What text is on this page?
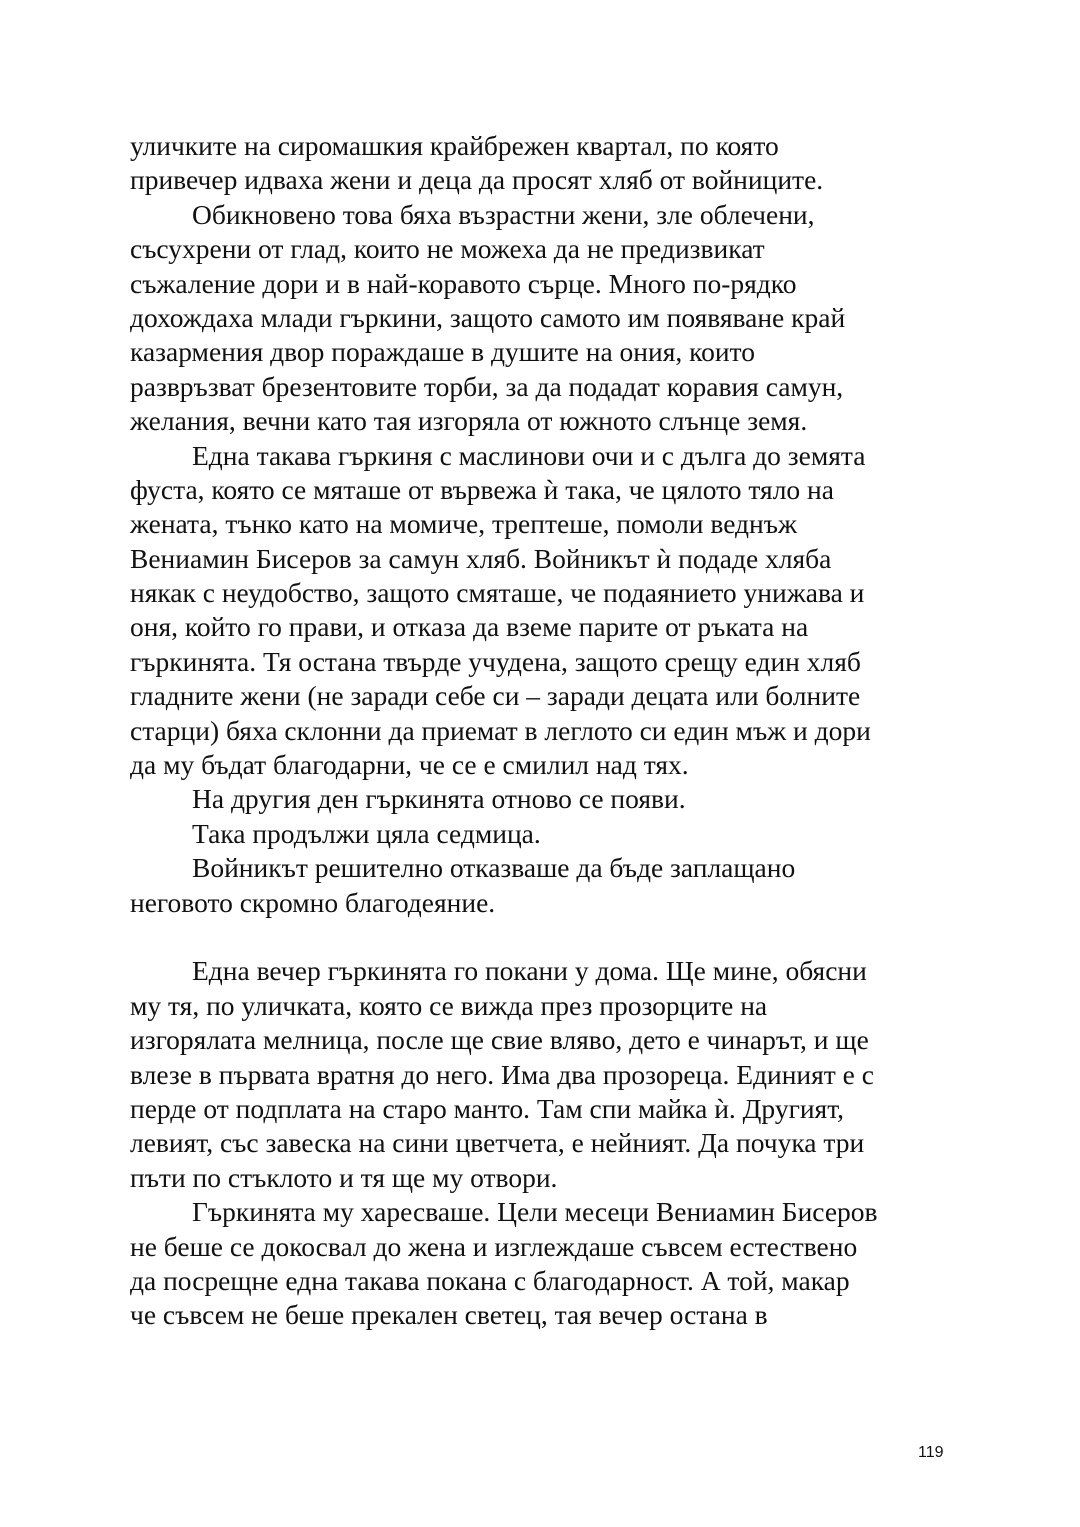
уличките на сиромашкия крайбрежен квартал, по която
привечер идваха жени и деца да просят хляб от войниците.
Обикновено това бяха възрастни жени, зле облечени,
съсухрени от глад, които не можеха да не предизвикат
съжаление дори и в най-коравото сърце. Много по-рядко
дохождаха млади гъркини, защото самото им появяване край
казармения двор пораждаше в душите на ония, които
развръзват брезентовите торби, за да подадат коравия самун,
желания, вечни като тая изгоряла от южното слънце земя.
Една такава гъркиня с маслинови очи и с дълга до земята
фуста, която се мяташе от вървежа ѝ така, че цялото тяло на
жената, тънко като на момиче, трептеше, помоли веднъж
Вениамин Бисеров за самун хляб. Войникът ѝ подаде хляба
някак с неудобство, защото смяташе, че подаянието унижава и
оня, който го прави, и отказа да вземе парите от ръката на
гъркинята. Тя остана твърде учудена, защото срещу един хляб
гладните жени (не заради себе си – заради децата или болните
старци) бяха склонни да приемат в леглото си един мъж и дори
да му бъдат благодарни, че се е смилил над тях.
На другия ден гъркинята отново се появи.
Така продължи цяла седмица.
Войникът решително отказваше да бъде заплащано
неговото скромно благодеяние.
Една вечер гъркинята го покани у дома. Ще мине, обясни
му тя, по уличката, която се вижда през прозорците на
изгорялата мелница, после ще свие вляво, дето е чинарът, и ще
влезе в първата вратня до него. Има два прозореца. Единият е с
перде от подплата на старо манто. Там спи майка ѝ. Другият,
левият, със завеска на сини цветчета, е нейният. Да почука три
пъти по стъклото и тя ще му отвори.
Гъркинята му харесваше. Цели месеци Вениамин Бисеров
не беше се докосвал до жена и изглеждаше съвсем естествено
да посрещне една такава покана с благодарност. А той, макар
че съвсем не беше прекален светец, тая вечер остана в
119
